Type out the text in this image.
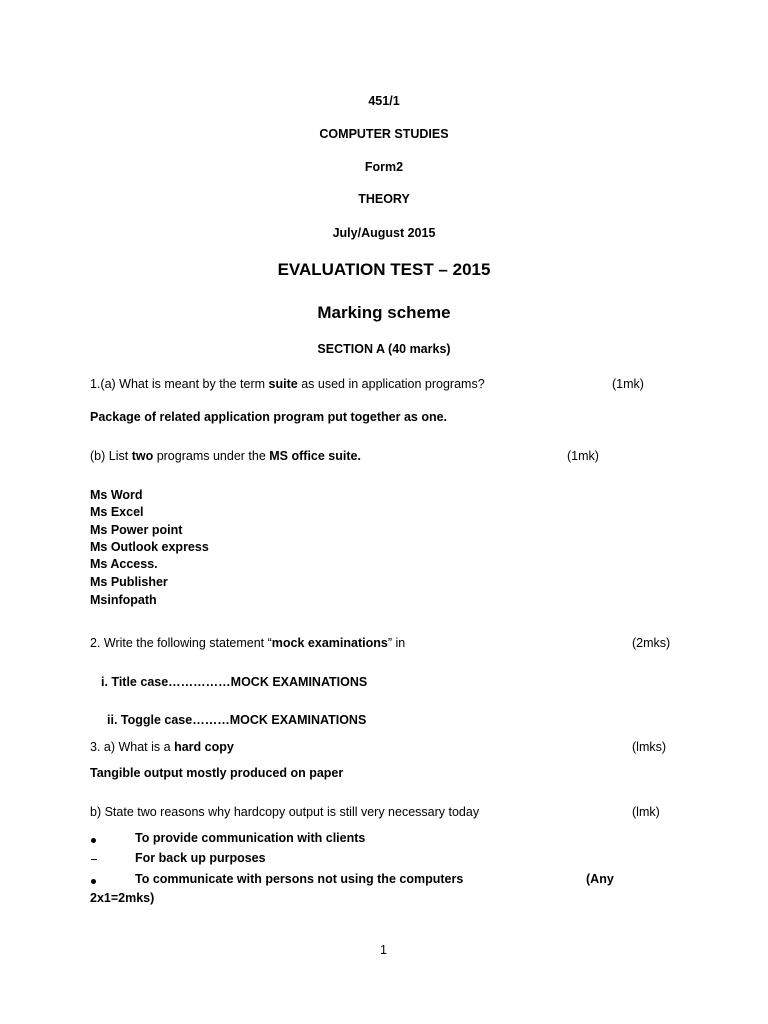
451/1
COMPUTER STUDIES
Form2
THEORY
July/August 2015
EVALUATION TEST – 2015
Marking scheme
SECTION A (40 marks)
1.(a) What is meant by the term suite as used in application programs?	(1mk)
Package of related application program put together as one.
(b) List two programs under the MS office suite.	(1mk)
Ms Word
Ms Excel
Ms Power point
Ms Outlook express
Ms Access.
Ms Publisher
Msinfopath
2. Write the following statement “mock examinations” in	(2mks)
i. Title case……………MOCK EXAMINATIONS
ii. Toggle case………MOCK EXAMINATIONS
3. a) What is a hard copy	(lmks)
Tangible output mostly produced on paper
b) State two reasons why hardcopy output is still very necessary today	(lmk)
To provide communication with clients
For back up purposes
To communicate with persons not using the computers	(Any
2x1=2mks)
1
